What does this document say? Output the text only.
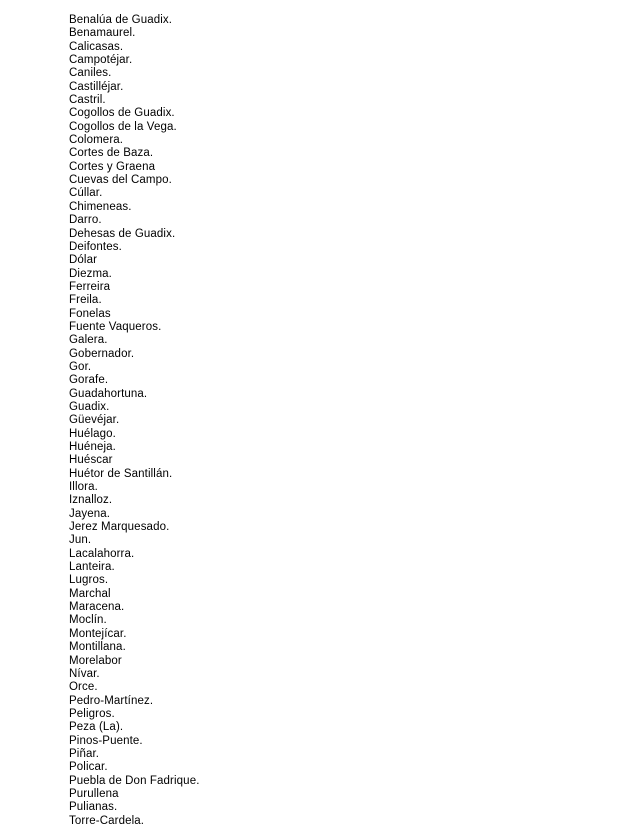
Benalúa de Guadix.
Benamaurel.
Calicasas.
Campotéjar.
Caniles.
Castilléjar.
Castril.
Cogollos de Guadix.
Cogollos de la Vega.
Colomera.
Cortes de Baza.
Cortes y Graena
Cuevas del Campo.
Cúllar.
Chimeneas.
Darro.
Dehesas de Guadix.
Deifontes.
Dólar
Diezma.
Ferreira
Freila.
Fonelas
Fuente Vaqueros.
Galera.
Gobernador.
Gor.
Gorafe.
Guadahortuna.
Guadix.
Güevéjar.
Huélago.
Huéneja.
Huéscar
Huétor de Santillán.
Illora.
Iznalloz.
Jayena.
Jerez Marquesado.
Jun.
Lacalahorra.
Lanteira.
Lugros.
Marchal
Maracena.
Moclín.
Montejícar.
Montillana.
Morelabor
Nívar.
Orce.
Pedro-Martínez.
Peligros.
Peza (La).
Pinos-Puente.
Piñar.
Policar.
Puebla de Don Fadrique.
Purullena
Pulianas.
Torre-Cardela.
